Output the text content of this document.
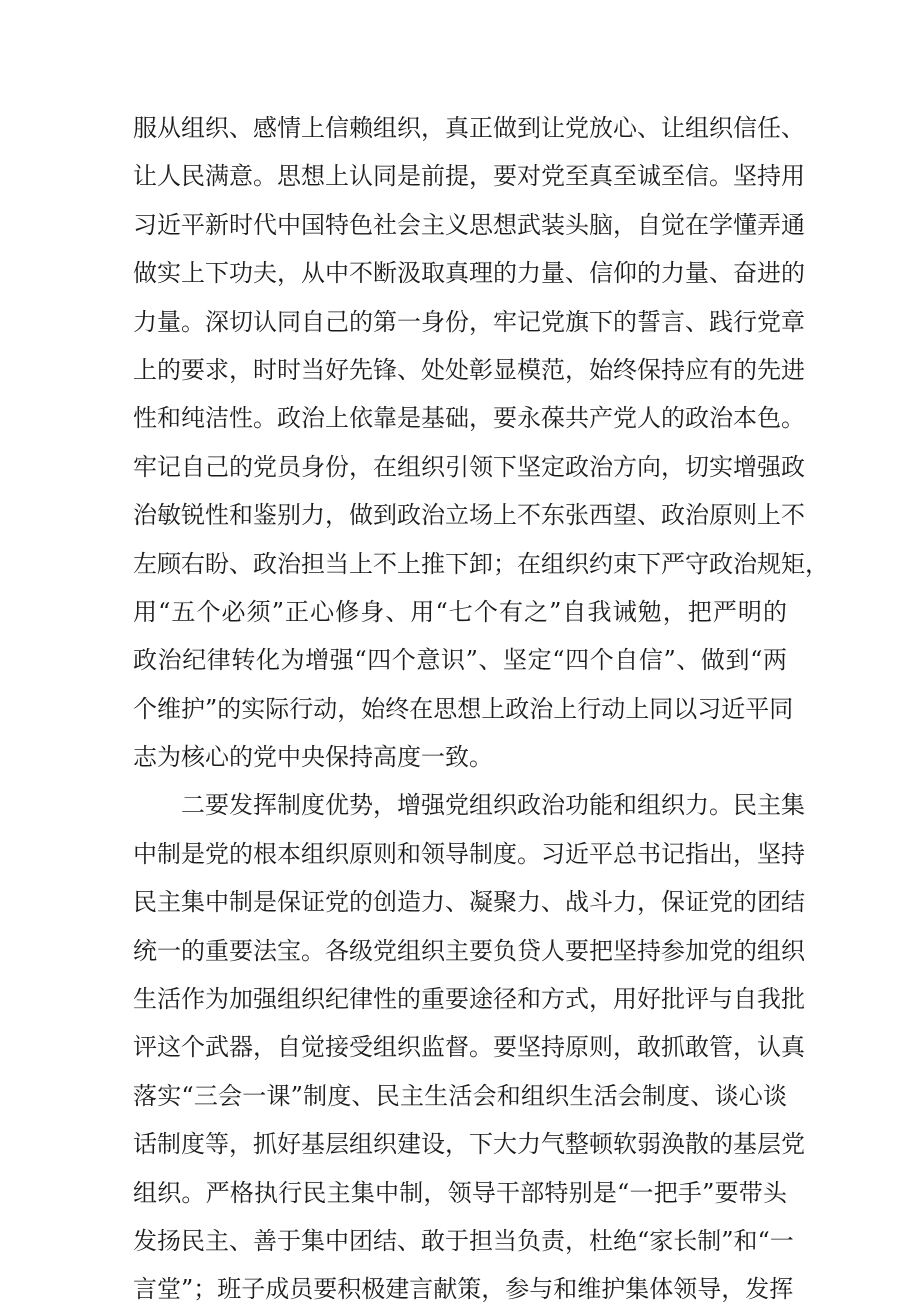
服从组织、感情上信赖组织，真正做到让党放心、让组织信任、
让人民满意。思想上认同是前提，要对党至真至诚至信。坚持用
习近平新时代中国特色社会主义思想武装头脑，自觉在学懂弄通
做实上下功夫，从中不断汲取真理的力量、信仰的力量、奋进的
力量。深切认同自己的第一身份，牢记党旗下的誓言、践行党章
上的要求，时时当好先锋、处处彰显模范，始终保持应有的先进
性和纯洁性。政治上依靠是基础，要永葆共产党人的政治本色。
牢记自己的党员身份，在组织引领下坚定政治方向，切实增强政
治敏锐性和鉴别力，做到政治立场上不东张西望、政治原则上不
左顾右盼、政治担当上不上推下卸；在组织约束下严守政治规矩，
用“五个必须”正心修身、用“七个有之”自我诫勉，把严明的
政治纪律转化为增强“四个意识”、坚定“四个自信”、做到“两
个维护”的实际行动，始终在思想上政治上行动上同以习近平同
志为核心的党中央保持高度一致。
二要发挥制度优势，增强党组织政治功能和组织力。民主集
中制是党的根本组织原则和领导制度。习近平总书记指出，坚持
民主集中制是保证党的创造力、凝聚力、战斗力，保证党的团结
统一的重要法宝。各级党组织主要负贷人要把坚持参加党的组织
生活作为加强组织纪律性的重要途径和方式，用好批评与自我批
评这个武器，自觉接受组织监督。要坚持原则，敢抓敢管，认真
落实“三会一课”制度、民主生活会和组织生活会制度、谈心谈
话制度等，抓好基层组织建设，下大力气整顿软弱涣散的基层党
组织。严格执行民主集中制，领导干部特别是“一把手”要带头
发扬民主、善于集中团结、敢于担当负责，杜绝“家长制”和“一
言堂”；班子成员要积极建言献策，参与和维护集体领导，发挥
